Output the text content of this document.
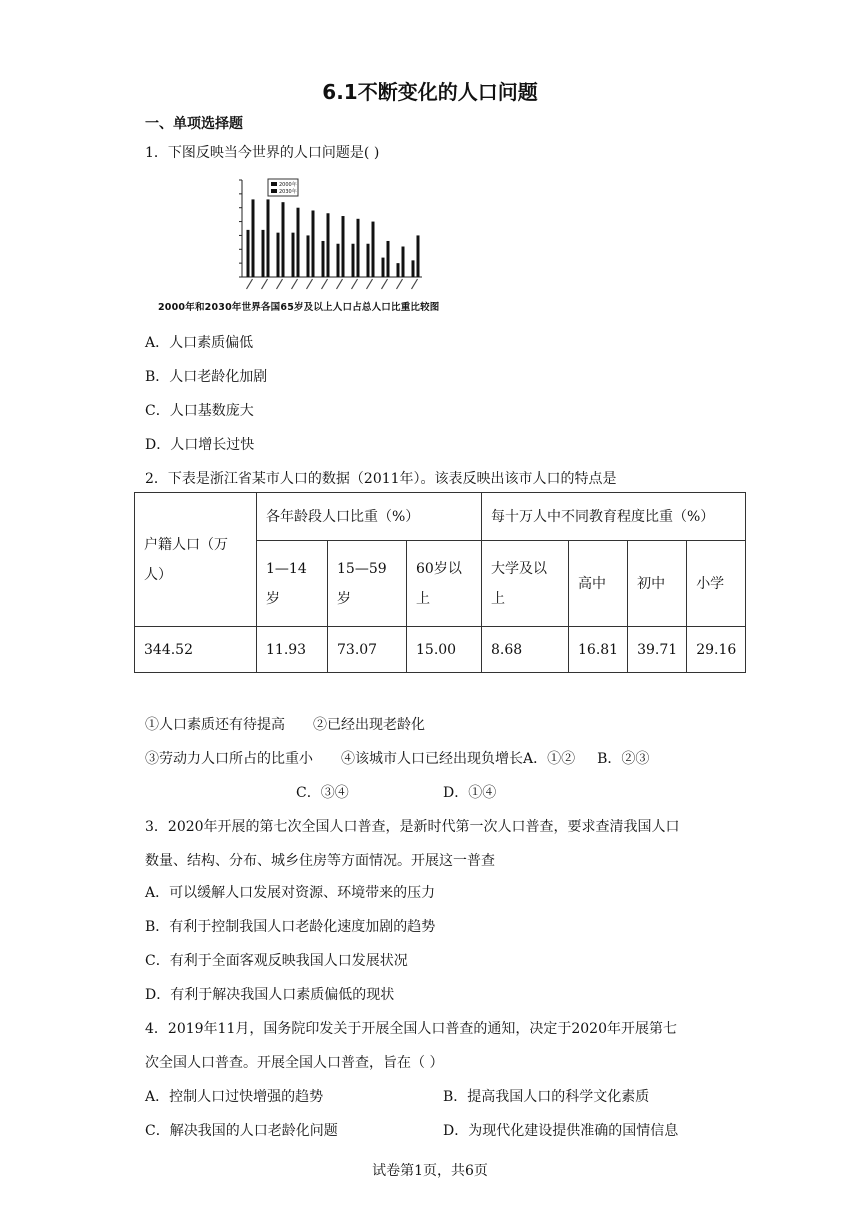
6.1不断变化的人口问题
一、单项选择题
1．下图反映当今世界的人口问题是( )
2000年
2030年
2000年和2030年世界各国65岁及以上人口占总人口比重比较图
A．人口素质偏低
B．人口老龄化加剧
C．人口基数庞大
D．人口增长过快
2．下表是浙江省某市人口的数据（2011年）。该表反映出该市人口的特点是
户籍人口（万人）	各年龄段人口比重（%）			每十万人中不同教育程度比重（%）			
	1—14岁	15—59岁	60岁以上	大学及以上	高中	初中	小学
344.52	11.93	73.07	15.00	8.68	16.81	39.71	29.16
①人口素质还有待提高　　②已经出现老龄化
③劳动力人口所占的比重小　　④该城市人口已经出现负增长A．①② B．②③
C．③④	D．①④
3．2020年开展的第七次全国人口普查，是新时代第一次人口普查，要求查清我国人口
数量、结构、分布、城乡住房等方面情况。开展这一普查
A．可以缓解人口发展对资源、环境带来的压力
B．有利于控制我国人口老龄化速度加剧的趋势
C．有利于全面客观反映我国人口发展状况
D．有利于解决我国人口素质偏低的现状
4．2019年11月，国务院印发关于开展全国人口普查的通知，决定于2020年开展第七
次全国人口普查。开展全国人口普查，旨在（ ）
A．控制人口过快增强的趋势	B．提高我国人口的科学文化素质
C．解决我国的人口老龄化问题	D．为现代化建设提供准确的国情信息
试卷第1页，共6页
